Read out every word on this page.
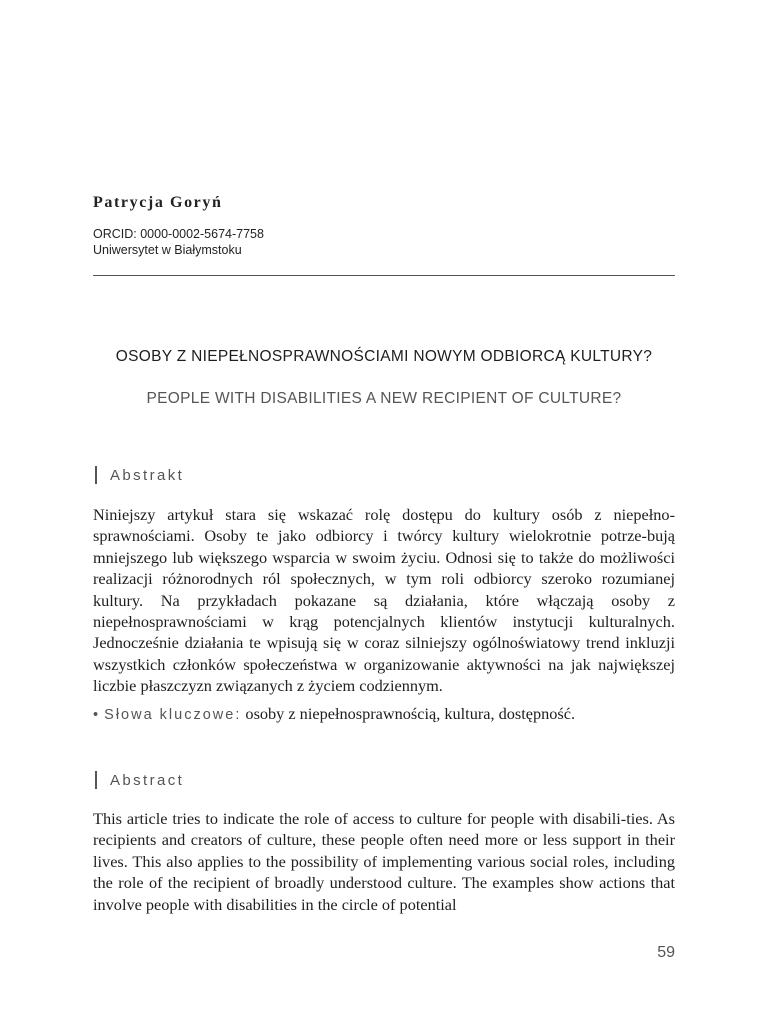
Patrycja Goryń
ORCID: 0000-0002-5674-7758
Uniwersytet w Białymstoku
OSOBY Z NIEPEŁNOSPRAWNOŚCIAMI NOWYM ODBIORCĄ KULTURY?
PEOPLE WITH DISABILITIES A NEW RECIPIENT OF CULTURE?
Abstrakt

Niniejszy artykuł stara się wskazać rolę dostępu do kultury osób z niepełno-sprawnościami. Osoby te jako odbiorcy i twórcy kultury wielokrotnie potrze-bują mniejszego lub większego wsparcia w swoim życiu. Odnosi się to także do możliwości realizacji różnorodnych ról społecznych, w tym roli odbiorcy szeroko rozumianej kultury. Na przykładach pokazane są działania, które włączają osoby z niepełnosprawnościami w krąg potencjalnych klientów instytucji kulturalnych. Jednocześnie działania te wpisują się w coraz silniejszy ogólnoświatowy trend inkluzji wszystkich członków społeczeństwa w organizowanie aktywności na jak największej liczbie płaszczyzn związanych z życiem codziennym.

• Słowa kluczowe: osoby z niepełnosprawnością, kultura, dostępność.
Abstract

This article tries to indicate the role of access to culture for people with disabili-ties. As recipients and creators of culture, these people often need more or less support in their lives. This also applies to the possibility of implementing various social roles, including the role of the recipient of broadly understood culture. The examples show actions that involve people with disabilities in the circle of potential

59
